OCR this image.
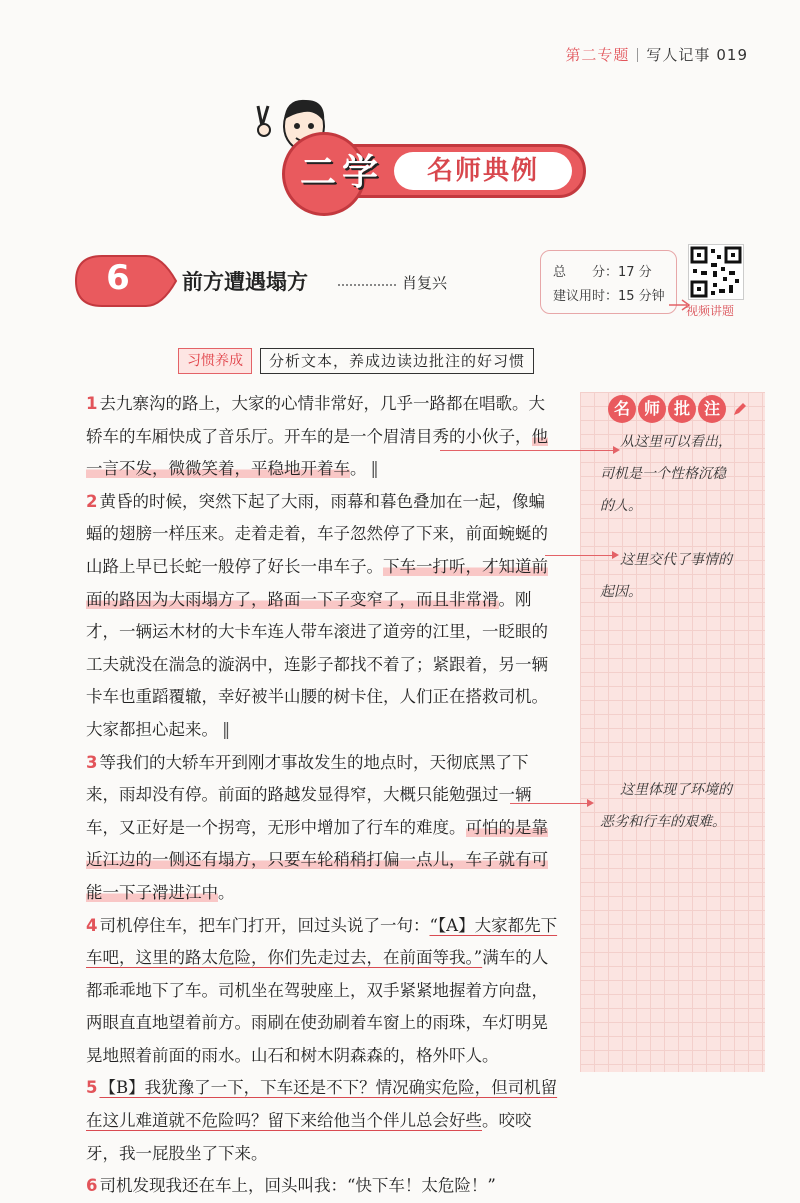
第二专题 写人记事 019
二学	名师典例
6	前方遭遇塌方	肖复兴
总　　分：17 分
建议用时：15 分钟
视频讲题
习惯养成	分析文本，养成边读边批注的好习惯
名 师 批 注
从这里可以看出，
司机是一个性格沉稳
的人。
这里交代了事情的
起因。
这里体现了环境的
恶劣和行车的艰难。

1 去九寨沟的路上，大家的心情非常好，几乎一路都在唱歌。大轿车的车厢快成了音乐厅。开车的是一个眉清目秀的小伙子，他一言不发，微微笑着，平稳地开着车。 ‖

2 黄昏的时候，突然下起了大雨，雨幕和暮色叠加在一起，像蝙蝠的翅膀一样压来。走着走着，车子忽然停了下来，前面蜿蜒的山路上早已长蛇一般停了好长一串车子。下车一打听，才知道前面的路因为大雨塌方了，路面一下子变窄了，而且非常滑。刚才，一辆运木材的大卡车连人带车滚进了道旁的江里，一眨眼的工夫就没在湍急的漩涡中，连影子都找不着了；紧跟着，另一辆卡车也重蹈覆辙，幸好被半山腰的树卡住，人们正在搭救司机。大家都担心起来。 ‖

3 等我们的大轿车开到刚才事故发生的地点时，天彻底黑了下来，雨却没有停。前面的路越发显得窄，大概只能勉强过一辆车，又正好是一个拐弯，无形中增加了行车的难度。可怕的是靠近江边的一侧还有塌方，只要车轮稍稍打偏一点儿，车子就有可能一下子滑进江中。

4 司机停住车，把车门打开，回过头说了一句：“【A】大家都先下车吧，这里的路太危险，你们先走过去，在前面等我。”满车的人都乖乖地下了车。司机坐在驾驶座上，双手紧紧地握着方向盘，两眼直直地望着前方。雨刷在使劲刷着车窗上的雨珠，车灯明晃晃地照着前面的雨水。山石和树木阴森森的，格外吓人。

5 【B】我犹豫了一下，下车还是不下？情况确实危险，但司机留在这儿难道就不危险吗？留下来给他当个伴儿总会好些。咬咬牙，我一屁股坐了下来。

6 司机发现我还在车上，回头叫我：“快下车！太危险！”
